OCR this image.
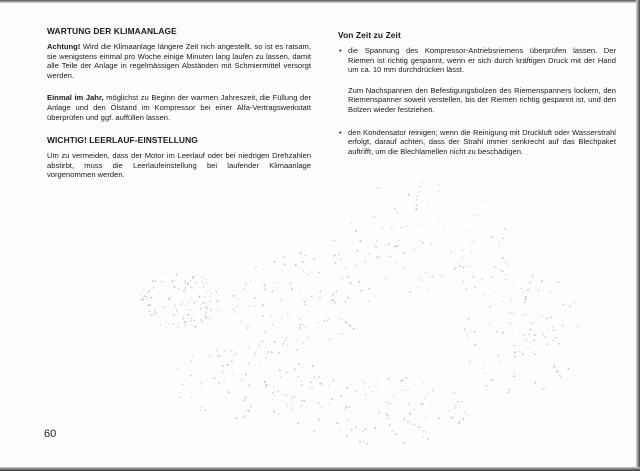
WARTUNG DER KLIMAANLAGE

Achtung! Wird die Klimaanlage längere Zeit nich angestellt, so ist es ratsam, sie wenigstens einmal pro Woche einige Minuten lang laufen zu lassen, damit alle Teile der Anlage in regelmässigen Abständen mit Schmiermittel versorgt werden.

Einmal im Jahr, möglichst zu Beginn der warmen Jahreszeit, die Füllung der Anlage und den Ölstand im Kompressor bei einer Alfa-Vertragswerkstatt überprüfen und ggf. auffüllen lassen.

WICHTIG! LEERLAUF-EINSTELLUNG

Um zu vermeiden, dass der Motor im Leerlauf oder bei niedrigen Drehzahlen abstirbt, muss die Leerlaufeinstellung bei laufender Klimaanlage vorgenommen werden.

Von Zeit zu Zeit
• die Spannung des Kompressor-Antriebsriemens überprüfen lassen. Der Riemen ist richtig gespannt, wenn er sich durch kräftigen Druck mit der Hand um ca. 10 mm durchdrücken lässt.

Zum Nachspannen den Befestigungsbolzen des Riemenspanners lockern, den Riemenspanner soweit verstellen, bis der Riemen richtig gespannt ist, und den Bolzen wieder festziehen.

• den Kondensator reinigen; wenn die Reinigung mit Druckluft oder Wasserstrahl erfolgt, darauf achten, dass der Strahl immer senkrecht auf das Blechpaket auftrifft, um die Blechlamellen nicht zu beschädigen.
60
